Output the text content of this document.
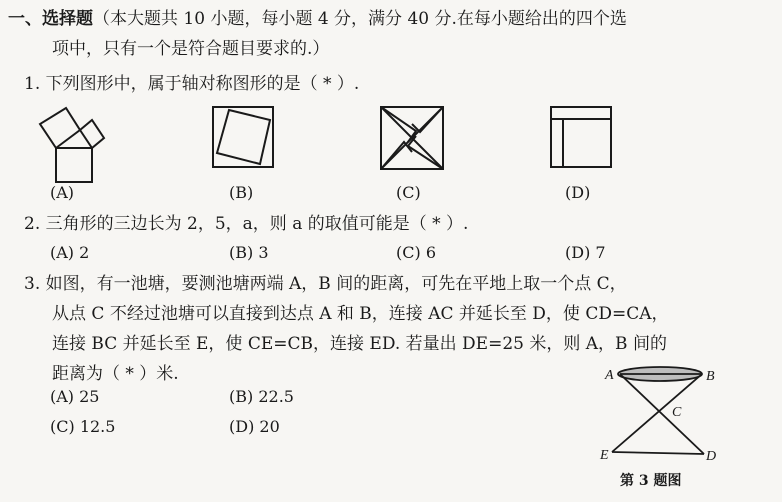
一、选择题（本大题共 10 小题，每小题 4 分，满分 40 分.在每小题给出的四个选
项中，只有一个是符合题目要求的.）
1. 下列图形中，属于轴对称图形的是（ * ）.
(A)	(B)	(C)	(D)
2. 三角形的三边长为 2，5，a，则 a 的取值可能是（ * ）.
(A) 2	(B) 3	(C) 6	(D) 7
3. 如图，有一池塘，要测池塘两端 A，B 间的距离，可先在平地上取一个点 C，
从点 C 不经过池塘可以直接到达点 A 和 B，连接 AC 并延长至 D，使 CD=CA，
连接 BC 并延长至 E，使 CE=CB，连接 ED. 若量出 DE=25 米，则 A，B 间的
距离为（ * ）米.
(A) 25	(B) 22.5
(C) 12.5	(D) 20
A	B
C
D
E
第 3 题图
